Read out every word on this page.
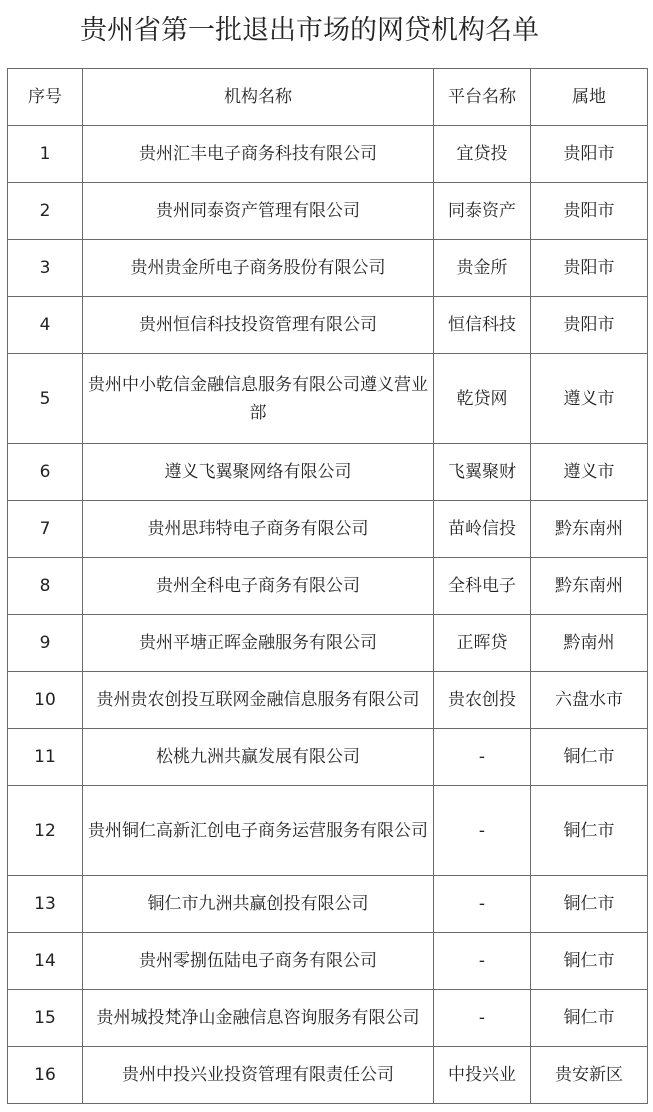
贵州省第一批退出市场的网贷机构名单
序号	机构名称	平台名称	属地
1	贵州汇丰电子商务科技有限公司	宜贷投	贵阳市
2	贵州同泰资产管理有限公司	同泰资产	贵阳市
3	贵州贵金所电子商务股份有限公司	贵金所	贵阳市
4	贵州恒信科技投资管理有限公司	恒信科技	贵阳市
5	贵州中小乾信金融信息服务有限公司遵义营业部	乾贷网	遵义市
6	遵义飞翼聚网络有限公司	飞翼聚财	遵义市
7	贵州思玮特电子商务有限公司	苗岭信投	黔东南州
8	贵州全科电子商务有限公司	全科电子	黔东南州
9	贵州平塘正晖金融服务有限公司	正晖贷	黔南州
10	贵州贵农创投互联网金融信息服务有限公司	贵农创投	六盘水市
11	松桃九洲共赢发展有限公司	-	铜仁市
12	贵州铜仁高新汇创电子商务运营服务有限公司	-	铜仁市
13	铜仁市九洲共赢创投有限公司	-	铜仁市
14	贵州零捌伍陆电子商务有限公司	-	铜仁市
15	贵州城投梵净山金融信息咨询服务有限公司	-	铜仁市
16	贵州中投兴业投资管理有限责任公司	中投兴业	贵安新区
